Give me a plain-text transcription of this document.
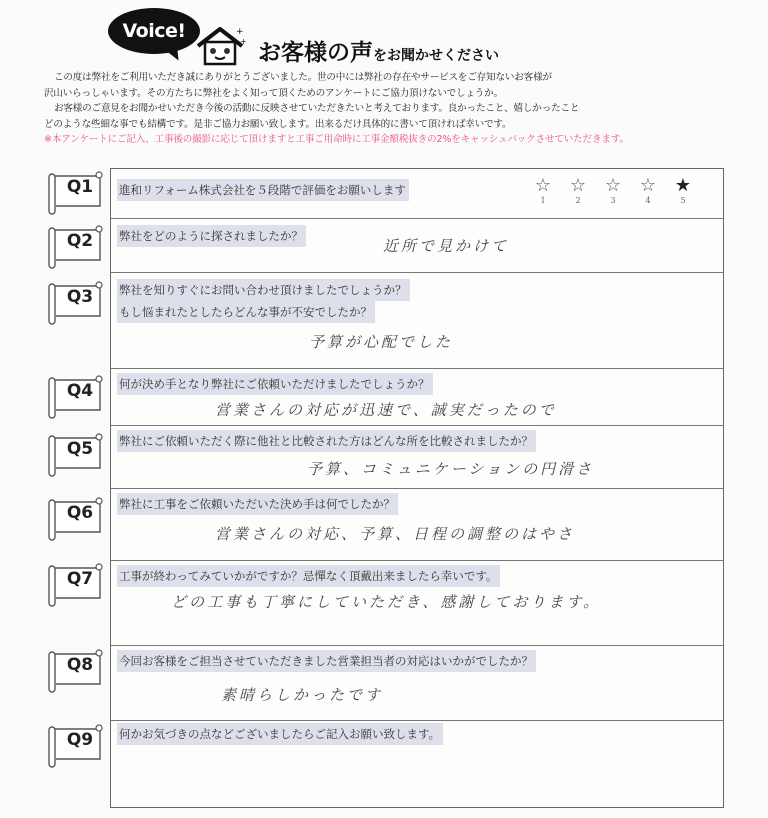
Voice!	+
+ お客様の声をお聞かせください

この度は弊社をご利用いただき誠にありがとうございました。世の中には弊社の存在やサービスをご存知ないお客様が

沢山いらっしゃいます。その方たちに弊社をよく知って頂くためのアンケートにご協力頂けないでしょうか。

お客様のご意見をお聞かせいただき今後の活動に反映させていただきたいと考えております。良かったこと、嬉しかったこと

どのような些細な事でも結構です。是非ご協力お願い致します。出来るだけ具体的に書いて頂ければ幸いです。

※本アンケートにご記入、工事後の撮影に応じて頂けますと工事ご用命時に工事金額税抜きの2%をキャッシュバックさせていただきます。

Q1
Q2
Q3
Q4
Q5
Q6
Q7
Q8
Q9
進和リフォーム株式会社を５段階で評価をお願いします	☆
1
☆
2
☆
3
☆
4
★
5
弊社をどのように探されましたか？
近所で見かけて
弊社を知りすぐにお問い合わせ頂けましたでしょうか？
もし悩まれたとしたらどんな事が不安でしたか？
予算が心配でした
何が決め手となり弊社にご依頼いただけましたでしょうか？
営業さんの対応が迅速で、誠実だったので
弊社にご依頼いただく際に他社と比較された方はどんな所を比較されましたか？
予算、コミュニケーションの円滑さ
弊社に工事をご依頼いただいた決め手は何でしたか？
営業さんの対応、予算、日程の調整のはやさ
工事が終わってみていかがですか？忌憚なく頂戴出来ましたら幸いです。
どの工事も丁寧にしていただき、感謝しております。
今回お客様をご担当させていただきました営業担当者の対応はいかがでしたか？
素晴らしかったです
何かお気づきの点などございましたらご記入お願い致します。
